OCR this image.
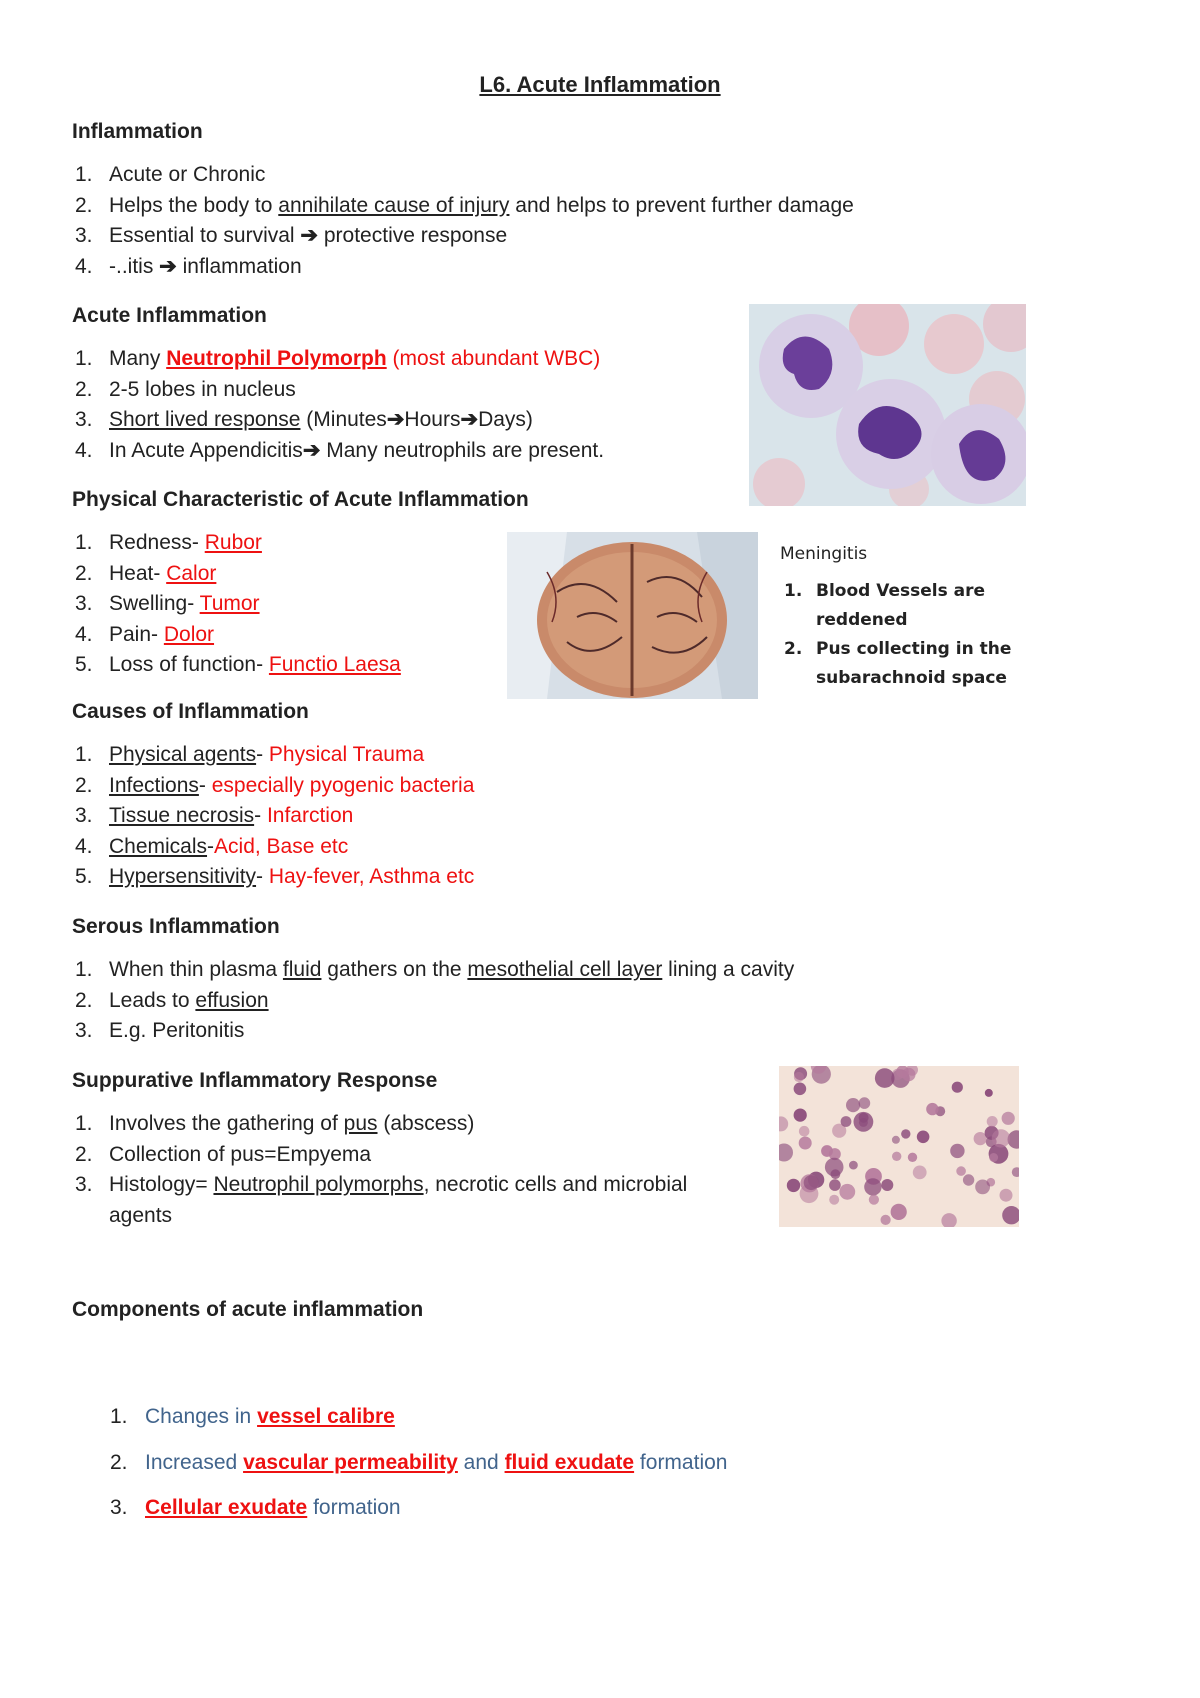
L6. Acute Inflammation
Inflammation
1. Acute or Chronic
2. Helps the body to annihilate cause of injury and helps to prevent further damage
3. Essential to survival ➔ protective response
4. -..itis ➔ inflammation
Acute Inflammation
1. Many Neutrophil Polymorph (most abundant WBC)
2. 2-5 lobes in nucleus
3. Short lived response (Minutes➔Hours➔Days)
4. In Acute Appendicitis➔ Many neutrophils are present.
Physical Characteristic of Acute Inflammation
1. Redness- Rubor
2. Heat- Calor
3. Swelling- Tumor
4. Pain- Dolor
5. Loss of function- Functio Laesa
Meningitis
1. Blood Vessels are reddened
2. Pus collecting in the subarachnoid space
Causes of Inflammation
1. Physical agents- Physical Trauma
2. Infections- especially pyogenic bacteria
3. Tissue necrosis- Infarction
4. Chemicals-Acid, Base etc
5. Hypersensitivity- Hay-fever, Asthma etc
Serous Inflammation
1. When thin plasma fluid gathers on the mesothelial cell layer lining a cavity
2. Leads to effusion
3. E.g. Peritonitis
Suppurative Inflammatory Response
1. Involves the gathering of pus (abscess)
2. Collection of pus=Empyema
3. Histology= Neutrophil polymorphs, necrotic cells and microbial agents
Components of acute inflammation
1. Changes in vessel calibre
2. Increased vascular permeability and fluid exudate formation
3. Cellular exudate formation
